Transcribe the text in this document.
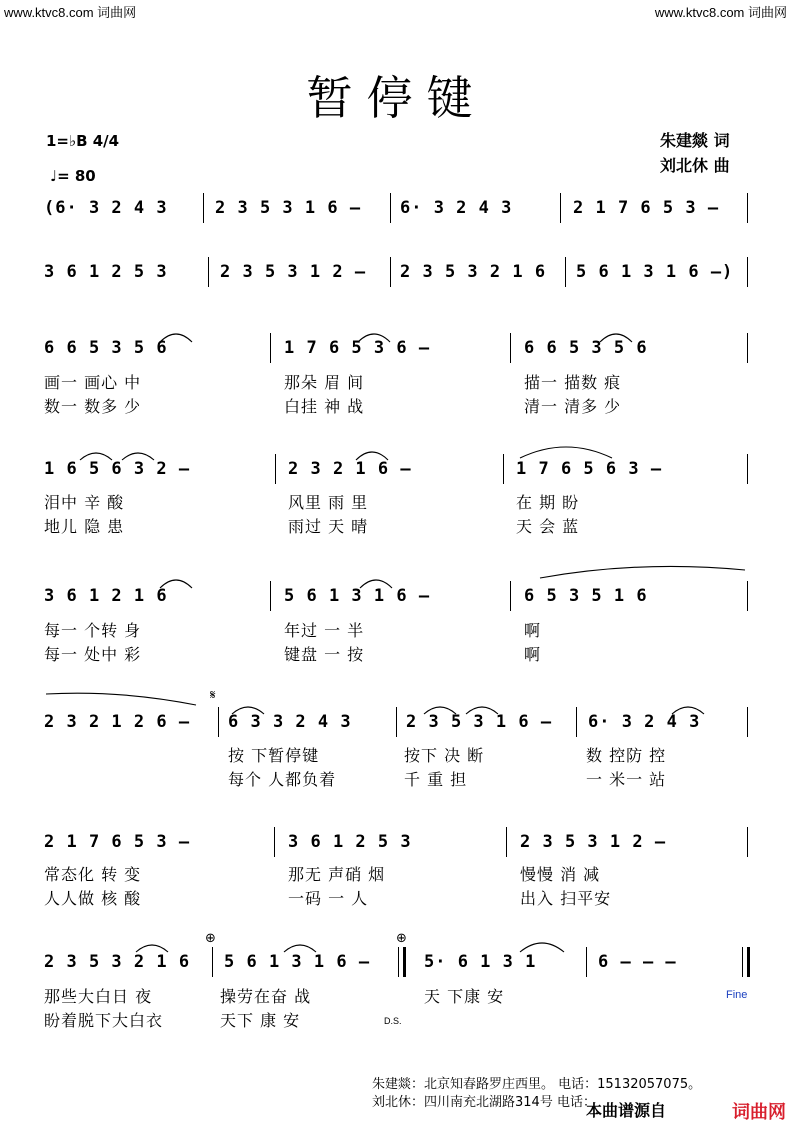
www.ktvc8.com 词曲网	www.ktvc8.com 词曲网
暂停键
1=♭B 4/4
♩= 80
朱建燚 词
刘北休 曲
(6· 3 2 4 3	2 3 5 3 1 6 — 6· 3 2 4 3	2 1 7 6 5 3 —
3 6 1 2 5 3	2 3 5 3 1 2 — 2 3 5 3 2 1 6 5 6 1 3 1 6 —)
6 6 5 3 5 6	1 7 6 5 3 6 —	6 6 5 3 5 6
画一 画心 中	那朵 眉 间	描一 描数 痕
数一 数多 少	白挂 神 战	清一 清多 少
1 6 5 6 3 2 —	2 3 2 1 6 —	1 7 6 5 6 3 —
泪中 辛 酸	风里 雨 里	在 期 盼
地儿 隐 患	雨过 天 晴	天 会 蓝
3 6 1 2 1 6	5 6 1 3 1 6 —	6 5 3 5 1 6
每一 个转 身	年过 一 半	啊
每一 处中 彩	键盘 一 按	啊
2 3 2 1 2 6 —
𝄋
6 3 3 2 4 3	2 3 5 3 1 6 — 6· 3 2 4 3
按 下暂停键	按下 决 断	数 控防 控
每个 人都负着	千 重 担	一 米一 站
2 1 7 6 5 3 —	3 6 1 2 5 3	2 3 5 3 1 2 —
常态化 转 变	那无 声硝 烟	慢慢 消 减
人人做 核 酸	一码 一 人	出入 扫平安
2 3 5 3 2 1 6
⊕
5 6 1 3 1 6 —
⊕
5· 6 1 3 1	6 — — —
那些大白日 夜	操劳在奋 战	天 下康 安	Fine
盼着脱下大白衣	天下 康 安	D.S.
朱建燚：北京知春路罗庄西里。 电话：15132057075。
刘北休：四川南充北湖路314号 电话：
本曲谱源自	词曲网
